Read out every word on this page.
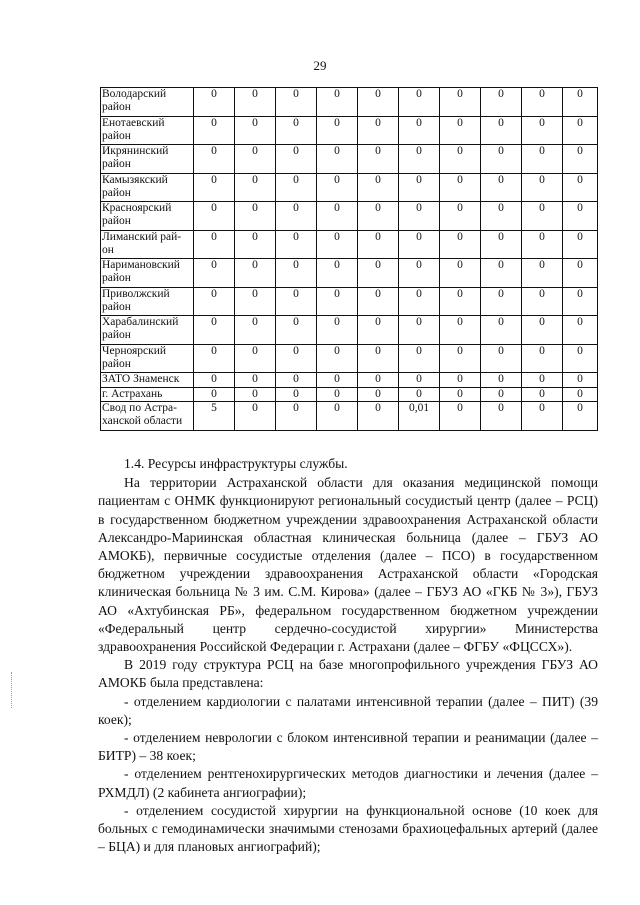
29
Володарский район	0	0	0	0	0	0	0	0	0	0
Енотаевский район	0	0	0	0	0	0	0	0	0	0
Икрянинский район	0	0	0	0	0	0	0	0	0	0
Камызякский район	0	0	0	0	0	0	0	0	0	0
Красноярский район	0	0	0	0	0	0	0	0	0	0
Лиманский рай-он	0	0	0	0	0	0	0	0	0	0
Наримановский район	0	0	0	0	0	0	0	0	0	0
Приволжский район	0	0	0	0	0	0	0	0	0	0
Харабалинский район	0	0	0	0	0	0	0	0	0	0
Черноярский район	0	0	0	0	0	0	0	0	0	0
ЗАТО Знаменск	0	0	0	0	0	0	0	0	0	0
г. Астрахань	0	0	0	0	0	0	0	0	0	0
Свод по Астра-ханской области	5	0	0	0	0	0,01	0	0	0	0

1.4. Ресурсы инфраструктуры службы.

На территории Астраханской области для оказания медицинской помощи пациентам с ОНМК функционируют региональный сосудистый центр (далее – РСЦ) в государственном бюджетном учреждении здравоохранения Астраханской области Александро-Мариинская областная клиническая больница (далее – ГБУЗ АО АМОКБ), первичные сосудистые отделения (далее – ПСО) в государственном бюджетном учреждении здравоохранения Астраханской области «Городская клиническая больница № 3 им. С.М. Кирова» (далее – ГБУЗ АО «ГКБ № 3»), ГБУЗ АО «Ахтубинская РБ», федеральном государственном бюджетном учреждении «Федеральный центр сердечно-сосудистой хирургии» Министерства здравоохранения Российской Федерации г. Астрахани (далее – ФГБУ «ФЦССХ»).

В 2019 году структура РСЦ на базе многопрофильного учреждения ГБУЗ АО АМОКБ была представлена:

- отделением кардиологии с палатами интенсивной терапии (далее – ПИТ) (39 коек);

- отделением неврологии с блоком интенсивной терапии и реанимации (далее – БИТР) – 38 коек;

- отделением рентгенохирургических методов диагностики и лечения (далее – РХМДЛ) (2 кабинета ангиографии);

- отделением сосудистой хирургии на функциональной основе (10 коек для больных с гемодинамически значимыми стенозами брахиоцефальных артерий (далее – БЦА) и для плановых ангиографий);
